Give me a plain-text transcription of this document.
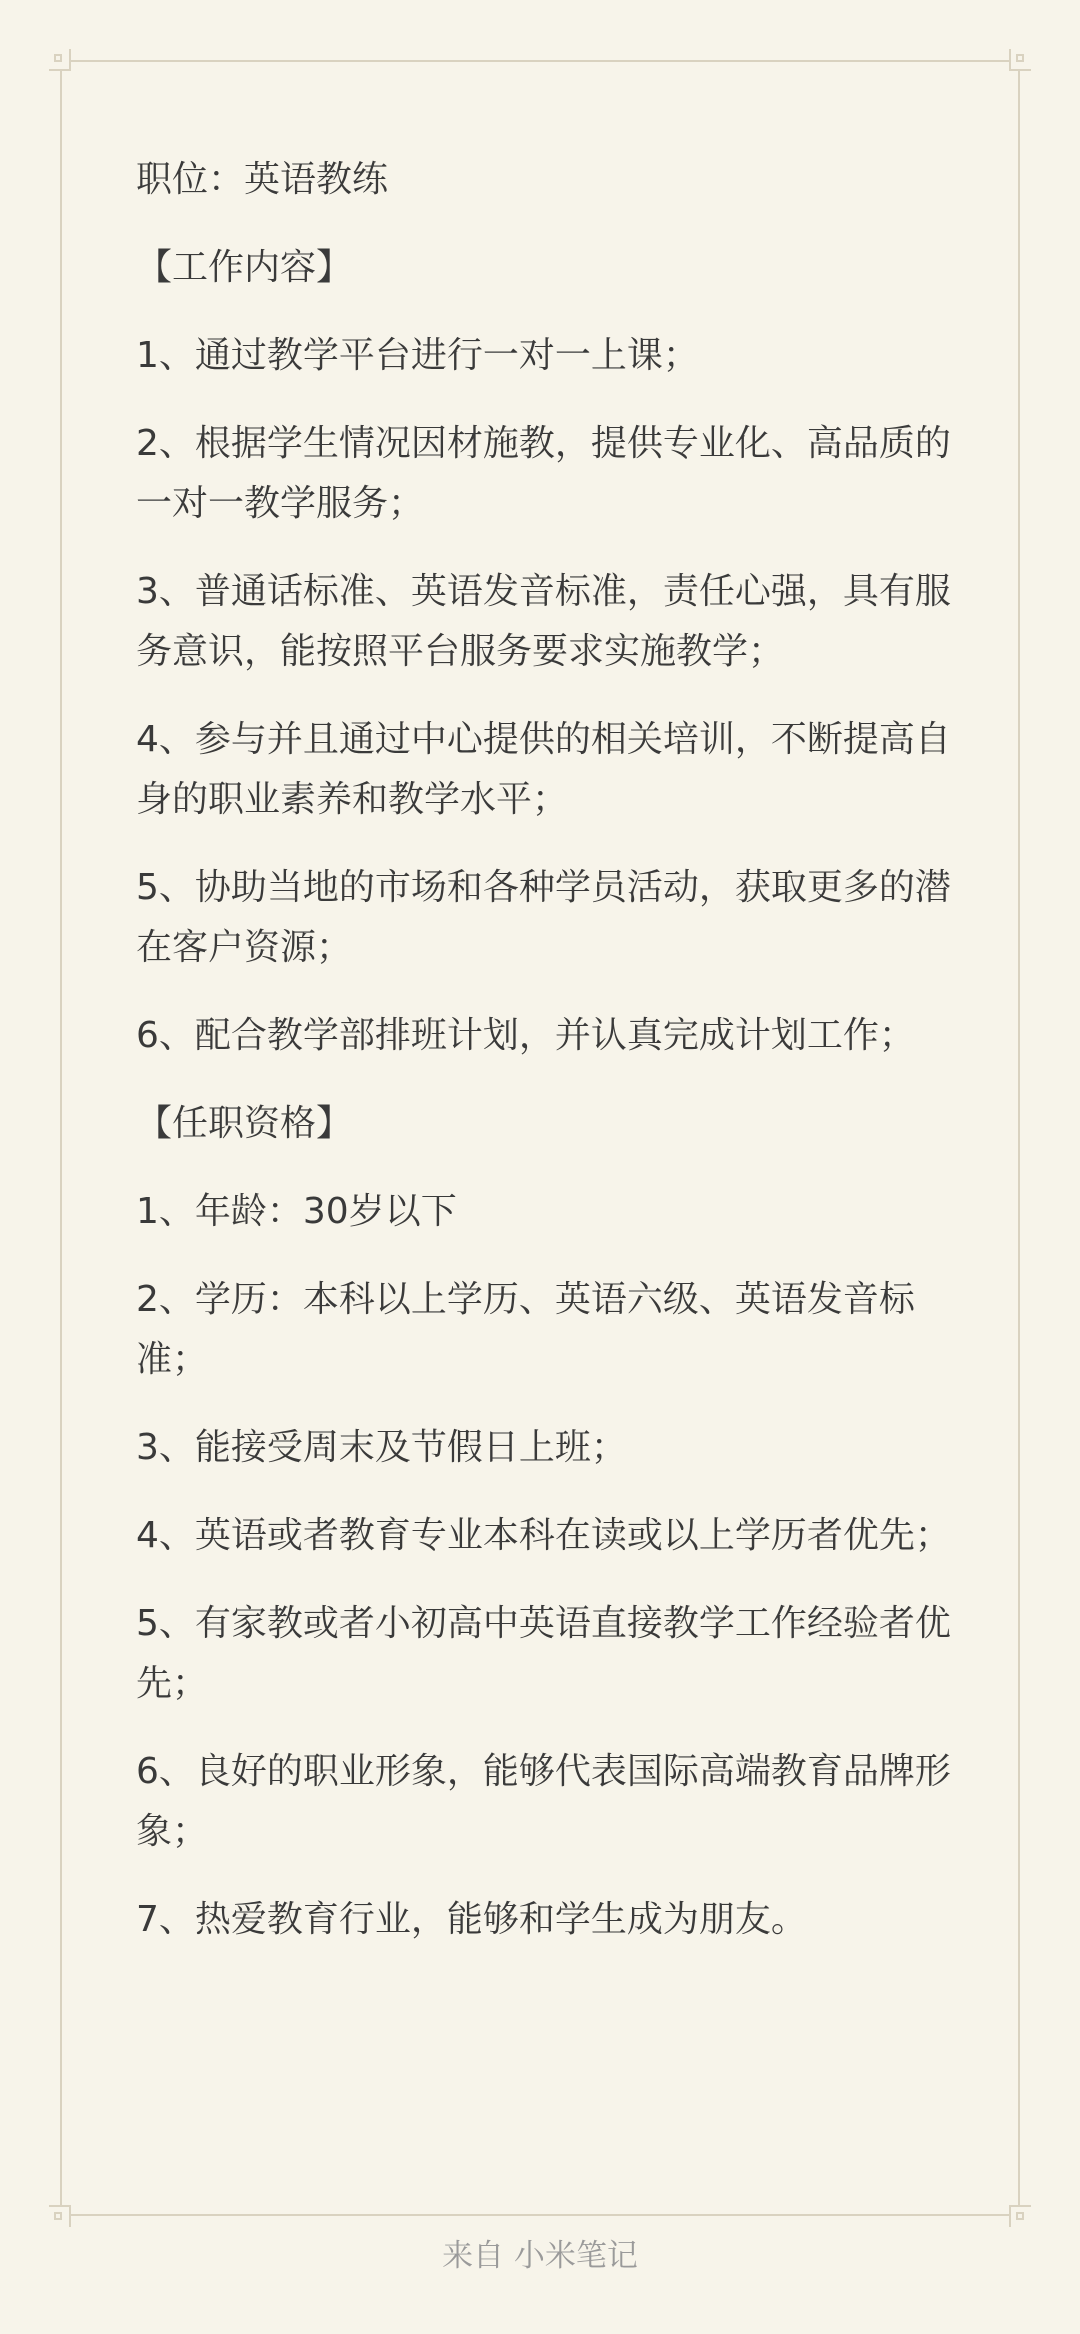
职位：英语教练

【工作内容】

1、通过教学平台进行一对一上课；

2、根据学生情况因材施教，提供专业化、高品质的一对一教学服务；

3、普通话标准、英语发音标准，责任心强，具有服务意识，能按照平台服务要求实施教学；

4、参与并且通过中心提供的相关培训，不断提高自身的职业素养和教学水平；

5、协助当地的市场和各种学员活动，获取更多的潜在客户资源；

6、配合教学部排班计划，并认真完成计划工作；

【任职资格】

1、年龄：30岁以下

2、学历：本科以上学历、英语六级、英语发音标准；

3、能接受周末及节假日上班；

4、英语或者教育专业本科在读或以上学历者优先；

5、有家教或者小初高中英语直接教学工作经验者优先；

6、良好的职业形象，能够代表国际高端教育品牌形象；

7、热爱教育行业，能够和学生成为朋友。

来自 小米笔记
